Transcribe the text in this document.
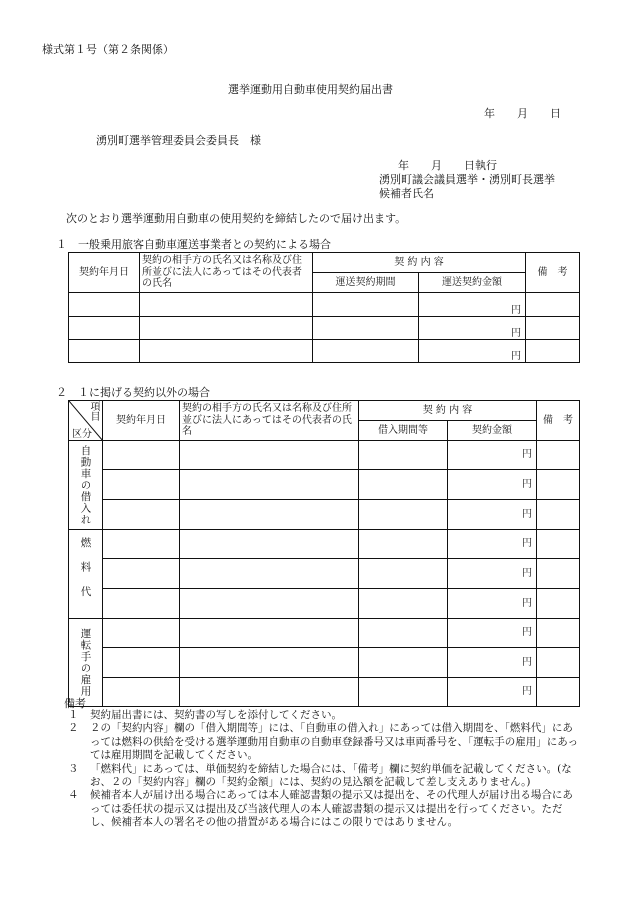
様式第１号（第２条関係）
選挙運動用自動車使用契約届出書
年　　月　　日
湧別町選挙管理委員会委員長　様
年　　月　　日執行
湧別町議会議員選挙・湧別町長選挙
候補者氏名
次のとおり選挙運動用自動車の使用契約を締結したので届け出ます。
１　一般乗用旅客自動車運送事業者との契約による場合
契約年月日	契約の相手方の氏名又は名称及び住所並びに法人にあってはその代表者の氏名	契 約 内 容		備　考
		運送契約期間	運送契約金額	
			円	
			円	
			円	
２　１に掲げる契約以外の場合
項目
区分	契約年月日	契約の相手方の氏名又は名称及び住所並びに法人にあってはその代表者の氏名	契 約 内 容		備　考
			借入期間等	契約金額	

自動車の借入れ				円	
				円	
				円	

燃料代				円	
				円	
				円	

運転手の雇用				円	
				円	
				円	
備考

１ 契約届出書には、契約書の写しを添付してください。

２ ２の「契約内容」欄の「借入期間等」には、「自動車の借入れ」にあっては借入期間を、「燃料代」にあっては燃料の供給を受ける選挙運動用自動車の自動車登録番号又は車両番号を、「運転手の雇用」にあっては雇用期間を記載してください。

３ 「燃料代」にあっては、単価契約を締結した場合には、「備考」欄に契約単価を記載してください。(なお、２の「契約内容」欄の「契約金額」には、契約の見込額を記載して差し支えありません。)

４ 候補者本人が届け出る場合にあっては本人確認書類の提示又は提出を、その代理人が届け出る場合にあっては委任状の提示又は提出及び当該代理人の本人確認書類の提示又は提出を行ってください。ただし、候補者本人の署名その他の措置がある場合にはこの限りではありません。
